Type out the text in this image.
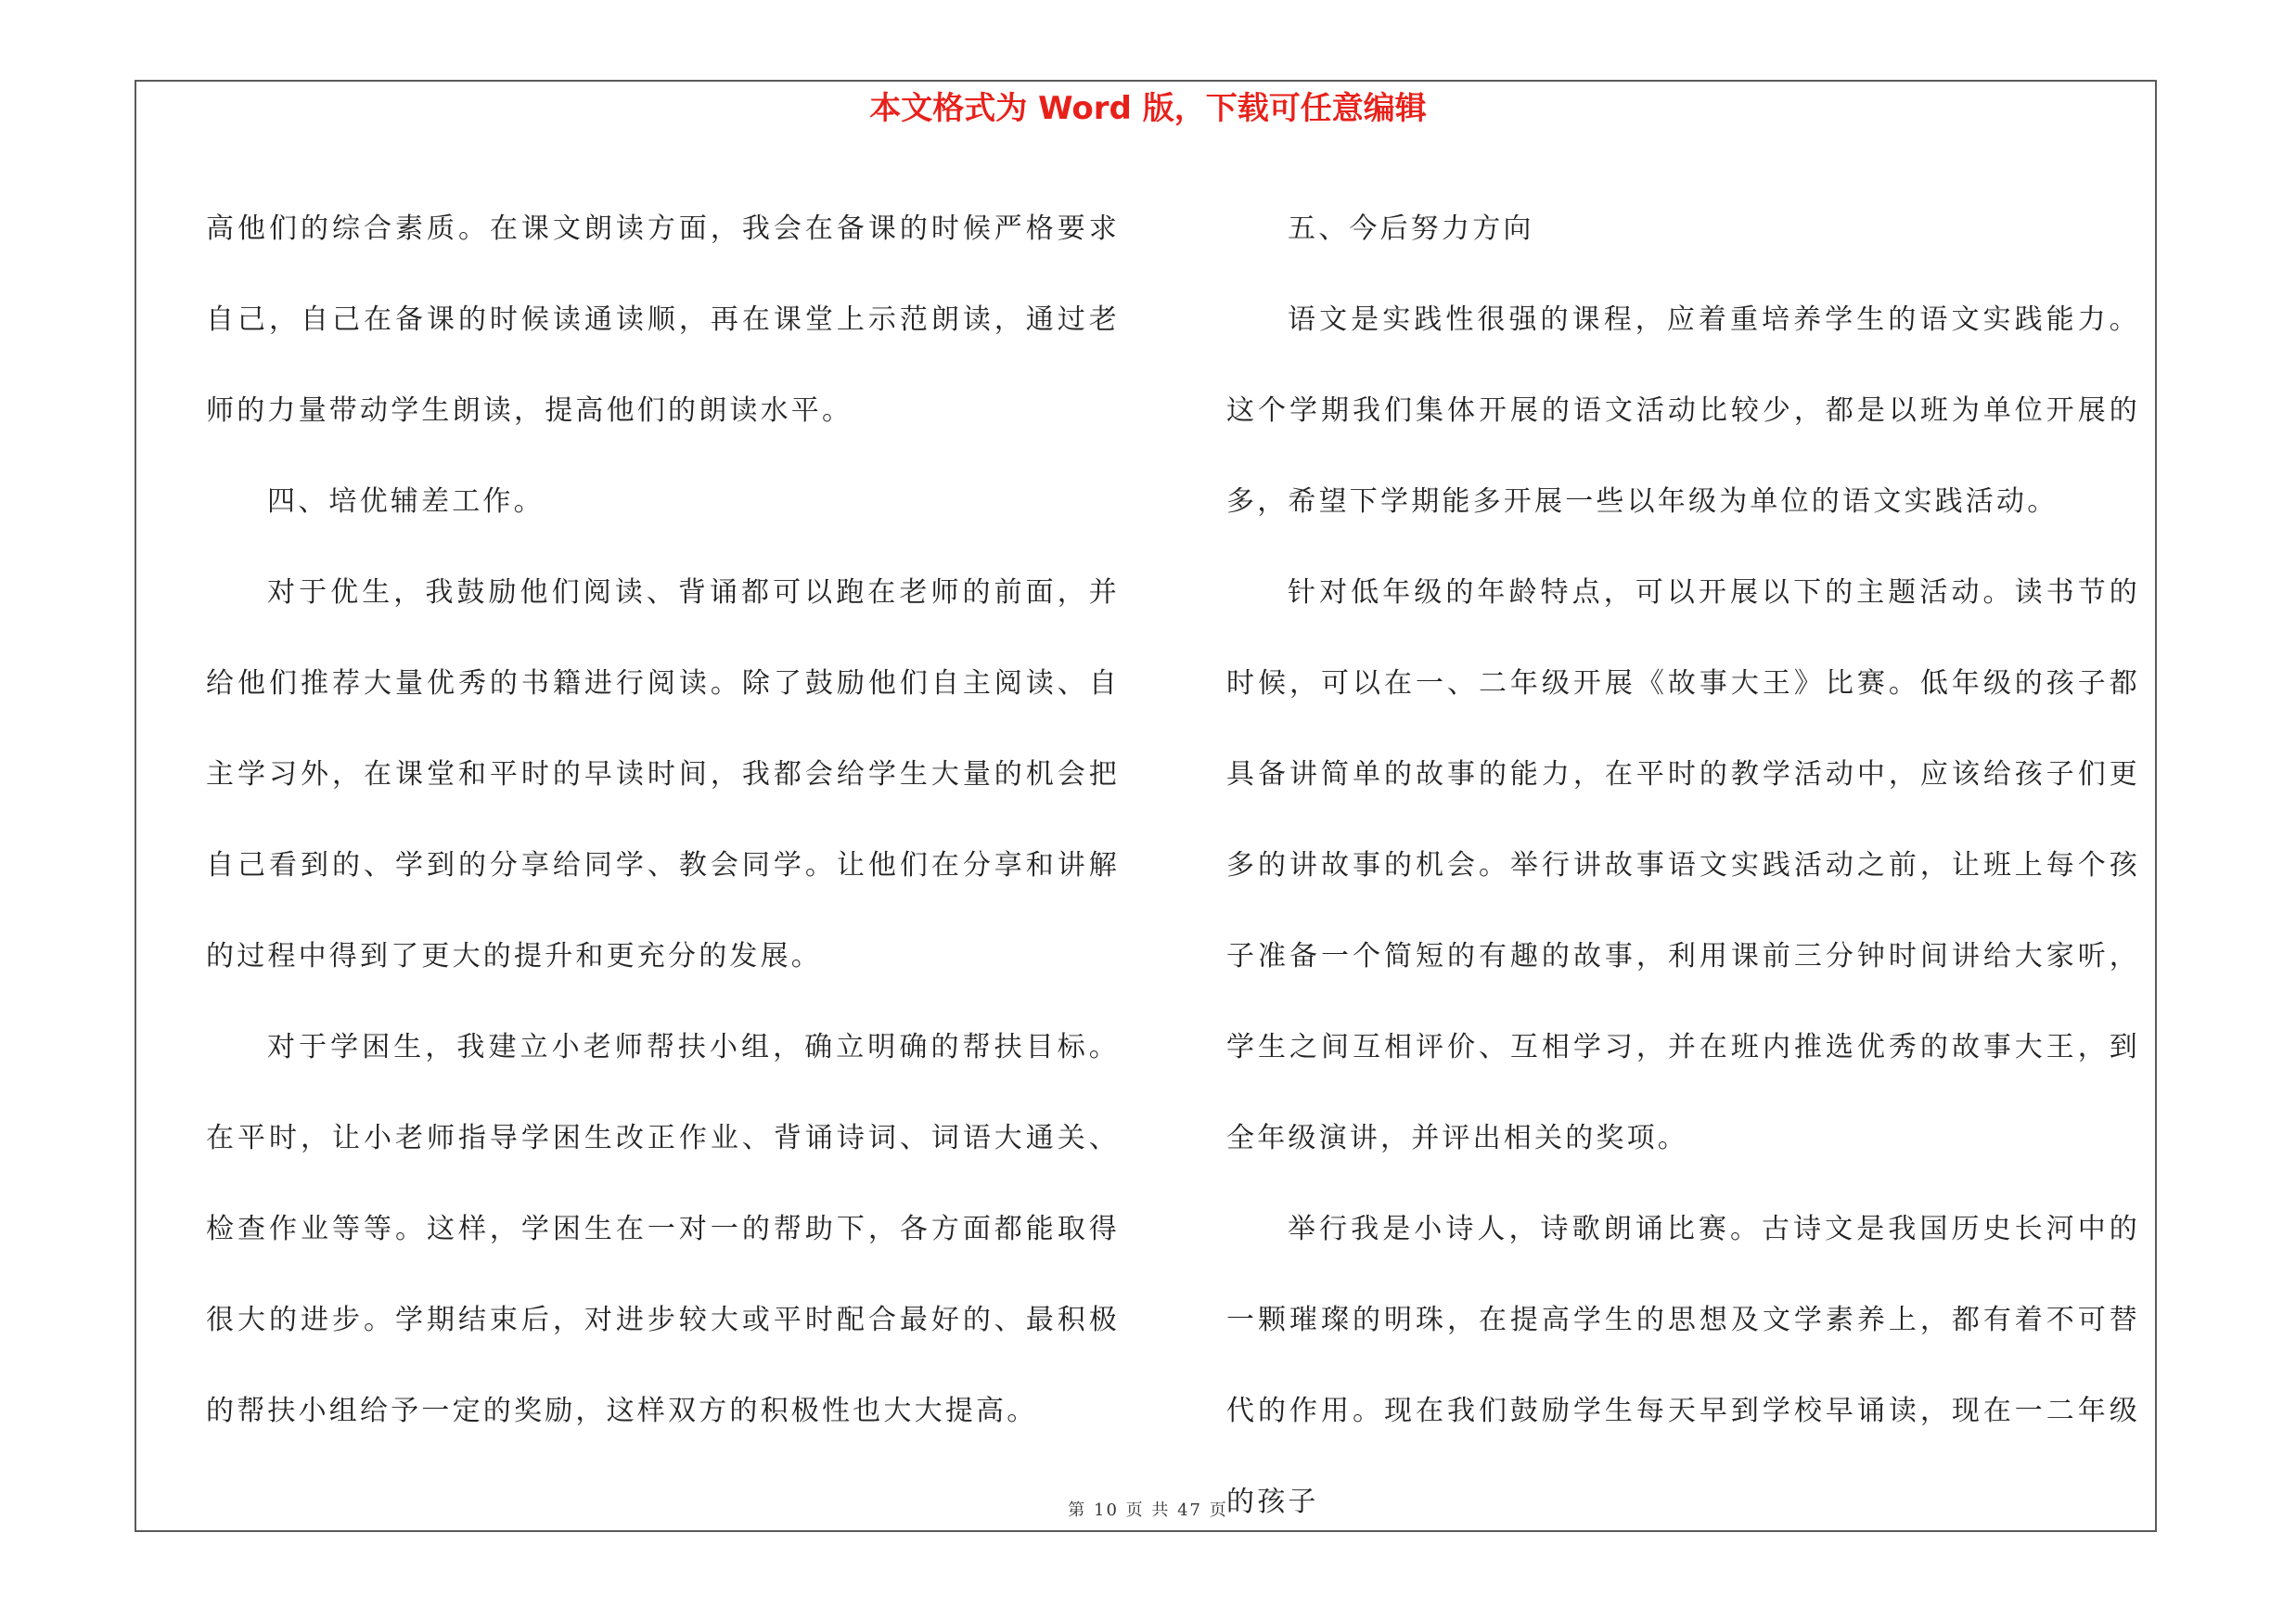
本文格式为 Word 版，下载可任意编辑

高他们的综合素质。在课文朗读方面，我会在备课的时候严格要求自己，自己在备课的时候读通读顺，再在课堂上示范朗读，通过老师的力量带动学生朗读，提高他们的朗读水平。

四、培优辅差工作。

对于优生，我鼓励他们阅读、背诵都可以跑在老师的前面，并给他们推荐大量优秀的书籍进行阅读。除了鼓励他们自主阅读、自主学习外，在课堂和平时的早读时间，我都会给学生大量的机会把自己看到的、学到的分享给同学、教会同学。让他们在分享和讲解的过程中得到了更大的提升和更充分的发展。

对于学困生，我建立小老师帮扶小组，确立明确的帮扶目标。在平时，让小老师指导学困生改正作业、背诵诗词、词语大通关、检查作业等等。这样，学困生在一对一的帮助下，各方面都能取得很大的进步。学期结束后，对进步较大或平时配合最好的、最积极的帮扶小组给予一定的奖励，这样双方的积极性也大大提高。

五、今后努力方向

语文是实践性很强的课程，应着重培养学生的语文实践能力。这个学期我们集体开展的语文活动比较少，都是以班为单位开展的多，希望下学期能多开展一些以年级为单位的语文实践活动。

针对低年级的年龄特点，可以开展以下的主题活动。读书节的时候，可以在一、二年级开展《故事大王》比赛。低年级的孩子都具备讲简单的故事的能力，在平时的教学活动中，应该给孩子们更多的讲故事的机会。举行讲故事语文实践活动之前，让班上每个孩子准备一个简短的有趣的故事，利用课前三分钟时间讲给大家听，学生之间互相评价、互相学习，并在班内推选优秀的故事大王，到全年级演讲，并评出相关的奖项。

举行我是小诗人，诗歌朗诵比赛。古诗文是我国历史长河中的一颗璀璨的明珠，在提高学生的思想及文学素养上，都有着不可替代的作用。现在我们鼓励学生每天早到学校早诵读，现在一二年级的孩子

第 10 页 共 47 页
